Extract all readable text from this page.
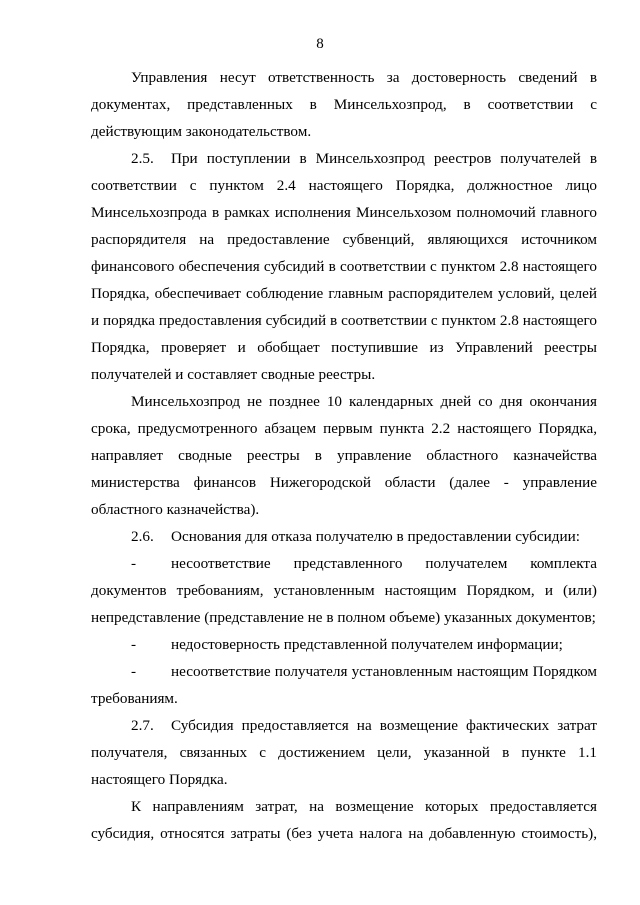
8
Управления несут ответственность за достоверность сведений в
документах, представленных в Минсельхозпрод, в соответствии с
действующим законодательством.
2.5. При поступлении в Минсельхозпрод реестров получателей в
соответствии с пунктом 2.4 настоящего Порядка, должностное лицо
Минсельхозпрода в рамках исполнения Минсельхозом полномочий главного
распорядителя на предоставление субвенций, являющихся источником
финансового обеспечения субсидий в соответствии с пунктом 2.8 настоящего
Порядка, обеспечивает соблюдение главным распорядителем условий, целей
и порядка предоставления субсидий в соответствии с пунктом 2.8 настоящего
Порядка, проверяет и обобщает поступившие из Управлений реестры
получателей и составляет сводные реестры.
Минсельхозпрод не позднее 10 календарных дней со дня окончания
срока, предусмотренного абзацем первым пункта 2.2 настоящего Порядка,
направляет сводные реестры в управление областного казначейства
министерства финансов Нижегородской области (далее - управление
областного казначейства).
2.6. Основания для отказа получателю в предоставлении субсидии:
- несоответствие представленного получателем комплекта
документов требованиям, установленным настоящим Порядком, и (или)
непредставление (представление не в полном объеме) указанных документов;
- недостоверность представленной получателем информации;
- несоответствие получателя установленным настоящим Порядком
требованиям.
2.7. Субсидия предоставляется на возмещение фактических затрат
получателя, связанных с достижением цели, указанной в пункте 1.1
настоящего Порядка.
К направлениям затрат, на возмещение которых предоставляется
субсидия, относятся затраты (без учета налога на добавленную стоимость),
